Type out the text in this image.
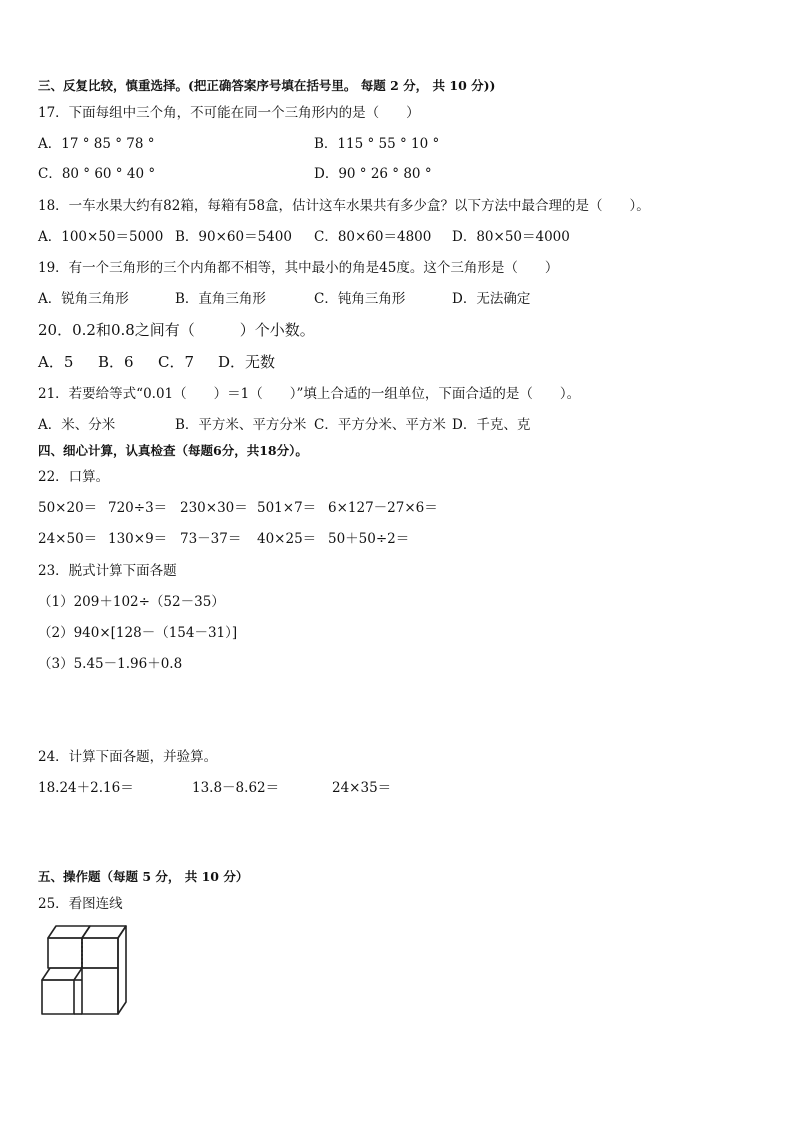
三、反复比较，慎重选择。(把正确答案序号填在括号里。 每题 2 分， 共 10 分))
17．下面每组中三个角，不可能在同一个三角形内的是（　　）
A．17 ° 85 ° 78 °	B．115 ° 55 ° 10 °
C．80 ° 60 ° 40 °	D．90 ° 26 ° 80 °
18．一车水果大约有82箱，每箱有58盒，估计这车水果共有多少盒？以下方法中最合理的是（　　）。
A．100×50＝5000 B．90×60＝5400 C．80×60＝4800 D．80×50＝4000
19．有一个三角形的三个内角都不相等，其中最小的角是45度。这个三角形是（　　）
A．锐角三角形	B．直角三角形	C．钝角三角形	D．无法确定
20．0.2和0.8之间有（　　　）个小数。
A．5 B．6 C．7 D．无数
21．若要给等式“0.01（　　）＝1（　　）”填上合适的一组单位，下面合适的是（　　）。
A．米、分米	B．平方米、平方分米 C．平方分米、平方米 D．千克、克
四、细心计算，认真检查（每题6分，共18分）。
22．口算。
50×20＝ 720÷3＝ 230×30＝ 501×7＝ 6×127－27×6＝
24×50＝ 130×9＝ 73－37＝ 40×25＝ 50＋50÷2＝
23．脱式计算下面各题
（1）209＋102÷（52－35）
（2）940×[128－（154－31）]
（3）5.45－1.96＋0.8
24．计算下面各题，并验算。
18.24＋2.16＝	13.8－8.62＝	24×35＝
五、操作题（每题 5 分， 共 10 分）
25．看图连线
